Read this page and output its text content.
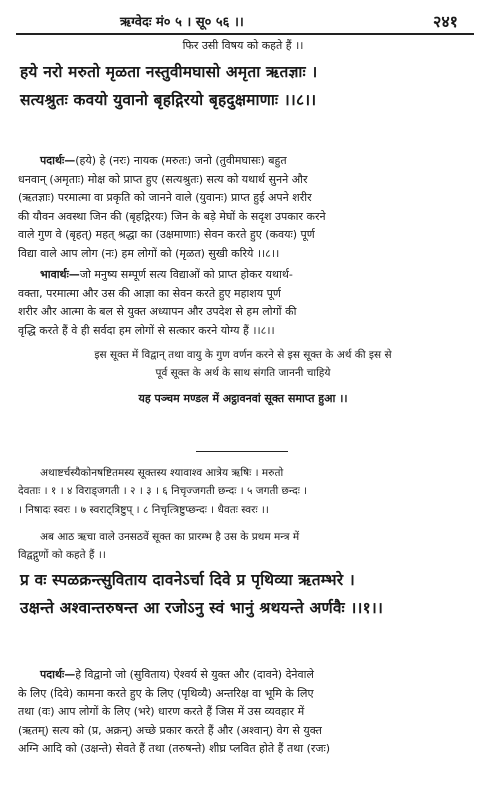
ऋग्वेदः मं० ५ । सू० ५६ ।।	२४१
फिर उसी विषय को कहते हैं ।।
हये नरो मरुतो मृळता नस्तुवीमघासो अमृता ऋतज्ञाः ।
सत्यश्रुतः कवयो युवानो बृहद्गिरयो बृहदुक्षमाणाः ।।८।।
पदार्थः—(हये) हे (नरः) नायक (मरुतः) जनो (तुवीमघासः) बहुत
धनवान् (अमृताः) मोक्ष को प्राप्त हुए (सत्यश्रुतः) सत्य को यथार्थ सुनने और
(ऋतज्ञाः) परमात्मा वा प्रकृति को जानने वाले (युवानः) प्राप्त हुई अपने शरीर
की यौवन अवस्था जिन की (बृहद्गिरयः) जिन के बड़े मेघों के सदृश उपकार करने
वाले गुण वे (बृहत्) महत् श्रद्धा का (उक्षमाणाः) सेवन करते हुए (कवयः) पूर्ण
विद्या वाले आप लोग (नः) हम लोगों को (मृळत) सुखी करिये ।।८।।
भावार्थः—जो मनुष्य सम्पूर्ण सत्य विद्याओं को प्राप्त होकर यथार्थ-
वक्ता, परमात्मा और उस की आज्ञा का सेवन करते हुए महाशय पूर्ण
शरीर और आत्मा के बल से युक्त अध्यापन और उपदेश से हम लोगों की
वृद्धि करते हैं वे ही सर्वदा हम लोगों से सत्कार करने योग्य हैं ।।८।।
इस सूक्त में विद्वान् तथा वायु के गुण वर्णन करने से इस सूक्त के अर्थ की इस से
पूर्व सूक्त के अर्थ के साथ संगति जाननी चाहिये
यह पञ्चम मण्डल में अट्ठावनवां सूक्त समाप्त हुआ ।।
अथाष्टर्चस्यैकोनषष्टितमस्य सूक्तस्य श्यावाश्व आत्रेय ऋषिः । मरुतो
देवताः । १ । ४ विराड्जगती । २ । ३ । ६ निचृज्जगती छन्दः । ५ जगती छन्दः ।
। निषादः स्वरः । ७ स्वराट्त्रिष्टुप् । ८ निचृत्त्रिष्टुप्छन्दः । धैवतः स्वरः ।।
अब आठ ऋचा वाले उनसठवें सूक्त का प्रारम्भ है उस के प्रथम मन्त्र में
विद्वद्गुणों को कहते हैं ।।
प्र वः स्पळक्रन्त्सुविताय दावनेऽर्चा दिवे प्र पृथिव्या ऋतम्भरे ।
उक्षन्ते अश्वान्तरुषन्त आ रजोऽनु स्वं भानुं श्रथयन्ते अर्णवैः ।।१।।
पदार्थः—हे विद्वानो जो (सुविताय) ऐश्वर्य से युक्त और (दावने) देनेवाले
के लिए (दिवे) कामना करते हुए के लिए (पृथिव्यै) अन्तरिक्ष वा भूमि के लिए
तथा (वः) आप लोगों के लिए (भरे) धारण करते हैं जिस में उस व्यवहार में
(ऋतम्) सत्य को (प्र, अक्रन्) अच्छे प्रकार करते हैं और (अश्वान्) वेग से युक्त
अग्नि आदि को (उक्षन्ते) सेवते हैं तथा (तरुषन्ते) शीघ्र प्लवित होते हैं तथा (रजः)
